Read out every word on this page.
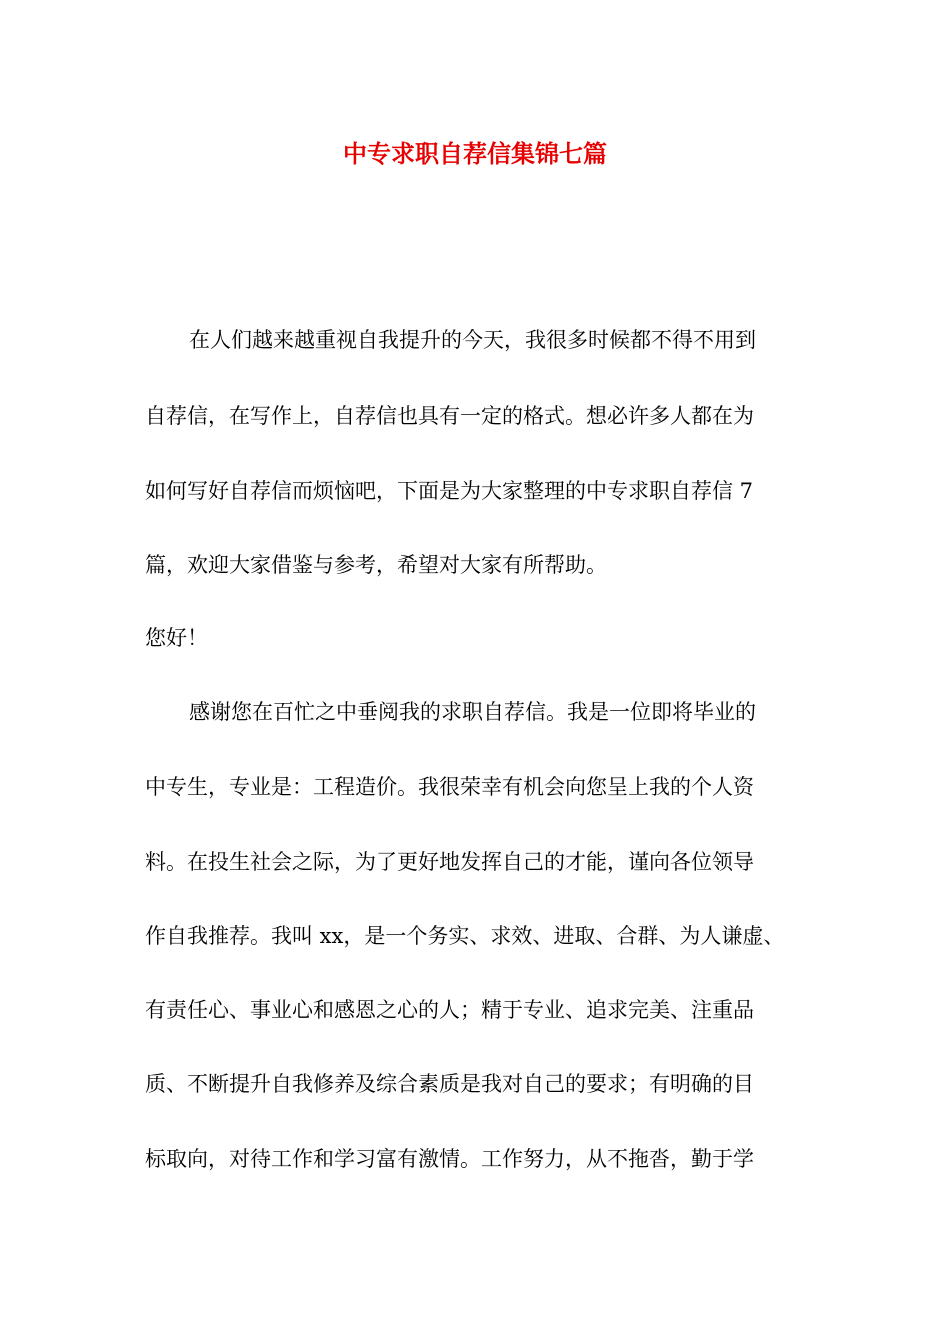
中专求职自荐信集锦七篇
在人们越来越重视自我提升的今天，我很多时候都不得不用到
自荐信，在写作上，自荐信也具有一定的格式。想必许多人都在为
如何写好自荐信而烦恼吧，下面是为大家整理的中专求职自荐信 7
篇，欢迎大家借鉴与参考，希望对大家有所帮助。
您好！
感谢您在百忙之中垂阅我的求职自荐信。我是一位即将毕业的
中专生，专业是：工程造价。我很荣幸有机会向您呈上我的个人资
料。在投生社会之际，为了更好地发挥自己的才能，谨向各位领导
作自我推荐。我叫 xx，是一个务实、求效、进取、合群、为人谦虚、
有责任心、事业心和感恩之心的人；精于专业、追求完美、注重品
质、不断提升自我修养及综合素质是我对自己的要求；有明确的目
标取向，对待工作和学习富有激情。工作努力，从不拖沓，勤于学
